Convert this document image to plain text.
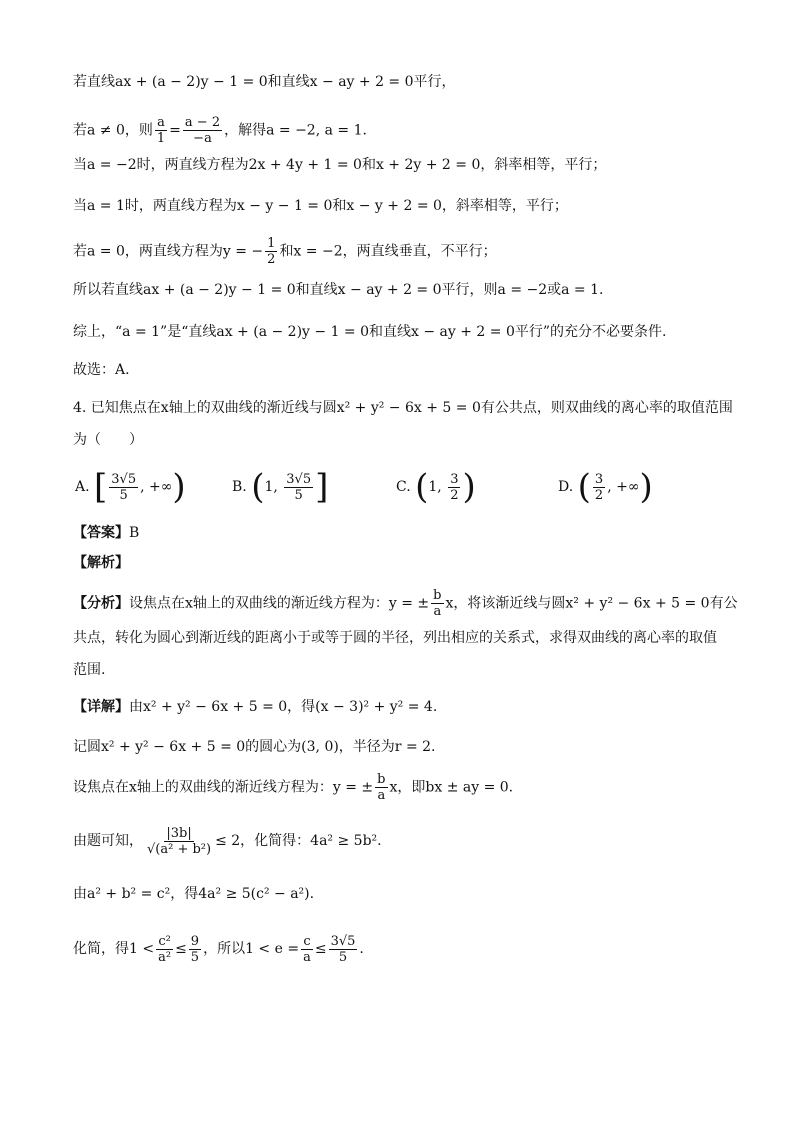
若直线ax + (a − 2)y − 1 = 0和直线x − ay + 2 = 0平行，
若a ≠ 0，则 $\frac{a}{1} = \frac{a - 2}{-a}$ ，解得a = −2, a = 1.
当a = −2时，两直线方程为2x + 4y + 1 = 0和x + 2y + 2 = 0，斜率相等，平行；
当a = 1时，两直线方程为x − y − 1 = 0和x − y + 2 = 0，斜率相等，平行；
若a = 0，两直线方程为y = − $\frac{1}{2}$ 和x = −2，两直线垂直，不平行；
所以若直线ax + (a − 2)y − 1 = 0和直线x − ay + 2 = 0平行，则a = −2或a = 1.
综上，“a = 1”是“直线ax + (a − 2)y − 1 = 0和直线x − ay + 2 = 0平行”的充分不必要条件.
故选：A.
4. 已知焦点在x轴上的双曲线的渐近线与圆x² + y² − 6x + 5 = 0有公共点，则双曲线的离心率的取值范围
为（　　）
A. [ $\frac{3√5}{5}$ , +∞)	B. (1, $\frac{3√5}{5}$ ]	C. (1, $\frac{3}{2}$ )	D. ( $\frac{3}{2}$ , +∞)
【答案】B
【解析】
【分析】设焦点在x轴上的双曲线的渐近线方程为：y = ± $\frac{b}{a}$ x，将该渐近线与圆x² + y² − 6x + 5 = 0有公
共点，转化为圆心到渐近线的距离小于或等于圆的半径，列出相应的关系式，求得双曲线的离心率的取值
范围.
【详解】由x² + y² − 6x + 5 = 0，得(x − 3)² + y² = 4.
记圆x² + y² − 6x + 5 = 0的圆心为(3, 0)，半径为r = 2.
设焦点在x轴上的双曲线的渐近线方程为：y = ± $\frac{b}{a}$ x，即bx ± ay = 0.
由题可知， $\frac{|3b|}{\text{√(a² + b²)}} \le 2$，化简得：4a² ≥ 5b².
由a² + b² = c²，得4a² ≥ 5(c² − a²).
化简，得$1 < \frac{\text{c²}}{\text{a²}} \le \frac{9}{5}$ ，所以$1 < e = \frac{c}{a} \le \frac{3√5}{5}$ .
